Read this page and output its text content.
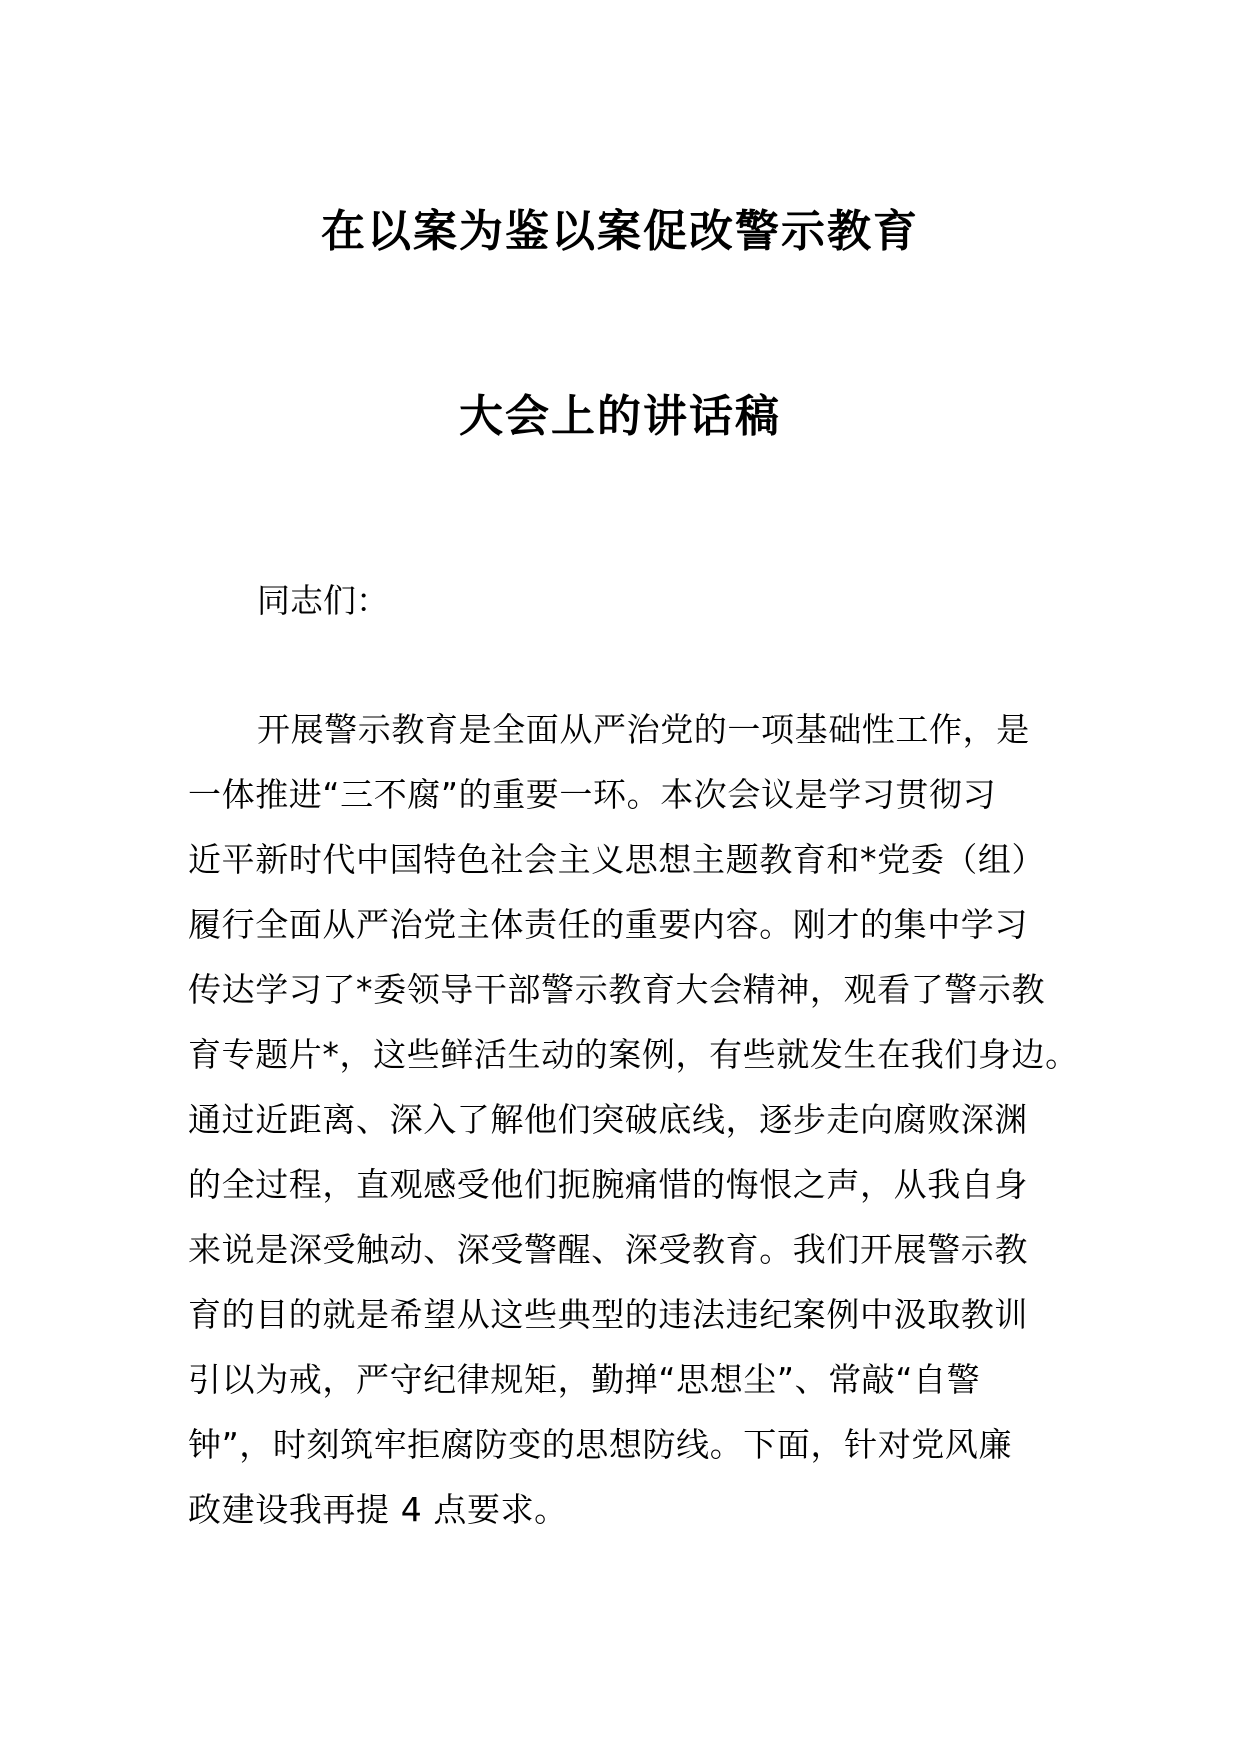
在以案为鉴以案促改警示教育
大会上的讲话稿
同志们：
开展警示教育是全面从严治党的一项基础性工作，是
一体推进“三不腐”的重要一环。本次会议是学习贯彻习
近平新时代中国特色社会主义思想主题教育和*党委（组）
履行全面从严治党主体责任的重要内容。刚才的集中学习
传达学习了*委领导干部警示教育大会精神，观看了警示教
育专题片*，这些鲜活生动的案例，有些就发生在我们身边。
通过近距离、深入了解他们突破底线，逐步走向腐败深渊
的全过程，直观感受他们扼腕痛惜的悔恨之声，从我自身
来说是深受触动、深受警醒、深受教育。我们开展警示教
育的目的就是希望从这些典型的违法违纪案例中汲取教训
引以为戒，严守纪律规矩，勤掸“思想尘”、常敲“自警
钟”，时刻筑牢拒腐防变的思想防线。下面，针对党风廉
政建设我再提 4 点要求。
